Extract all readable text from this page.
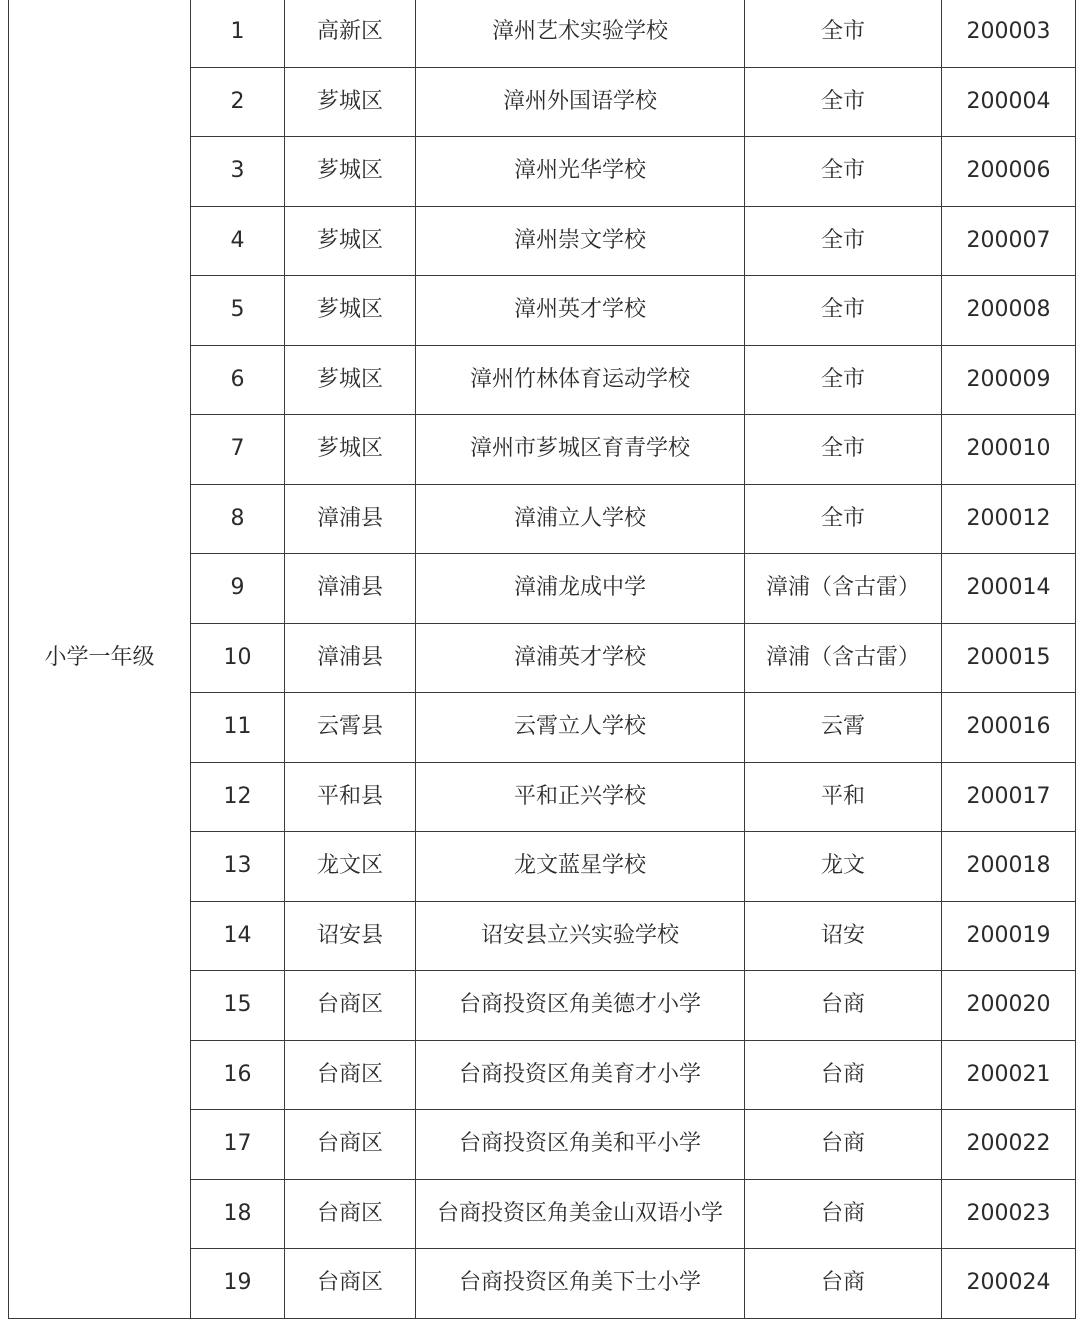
小学一年级	1	高新区	漳州艺术实验学校	全市	200003
	2	芗城区	漳州外国语学校	全市	200004
	3	芗城区	漳州光华学校	全市	200006
	4	芗城区	漳州崇文学校	全市	200007
	5	芗城区	漳州英才学校	全市	200008
	6	芗城区	漳州竹林体育运动学校	全市	200009
	7	芗城区	漳州市芗城区育青学校	全市	200010
	8	漳浦县	漳浦立人学校	全市	200012
	9	漳浦县	漳浦龙成中学	漳浦（含古雷）	200014
	10	漳浦县	漳浦英才学校	漳浦（含古雷）	200015
	11	云霄县	云霄立人学校	云霄	200016
	12	平和县	平和正兴学校	平和	200017
	13	龙文区	龙文蓝星学校	龙文	200018
	14	诏安县	诏安县立兴实验学校	诏安	200019
	15	台商区	台商投资区角美德才小学	台商	200020
	16	台商区	台商投资区角美育才小学	台商	200021
	17	台商区	台商投资区角美和平小学	台商	200022
	18	台商区	台商投资区角美金山双语小学	台商	200023
	19	台商区	台商投资区角美下士小学	台商	200024
